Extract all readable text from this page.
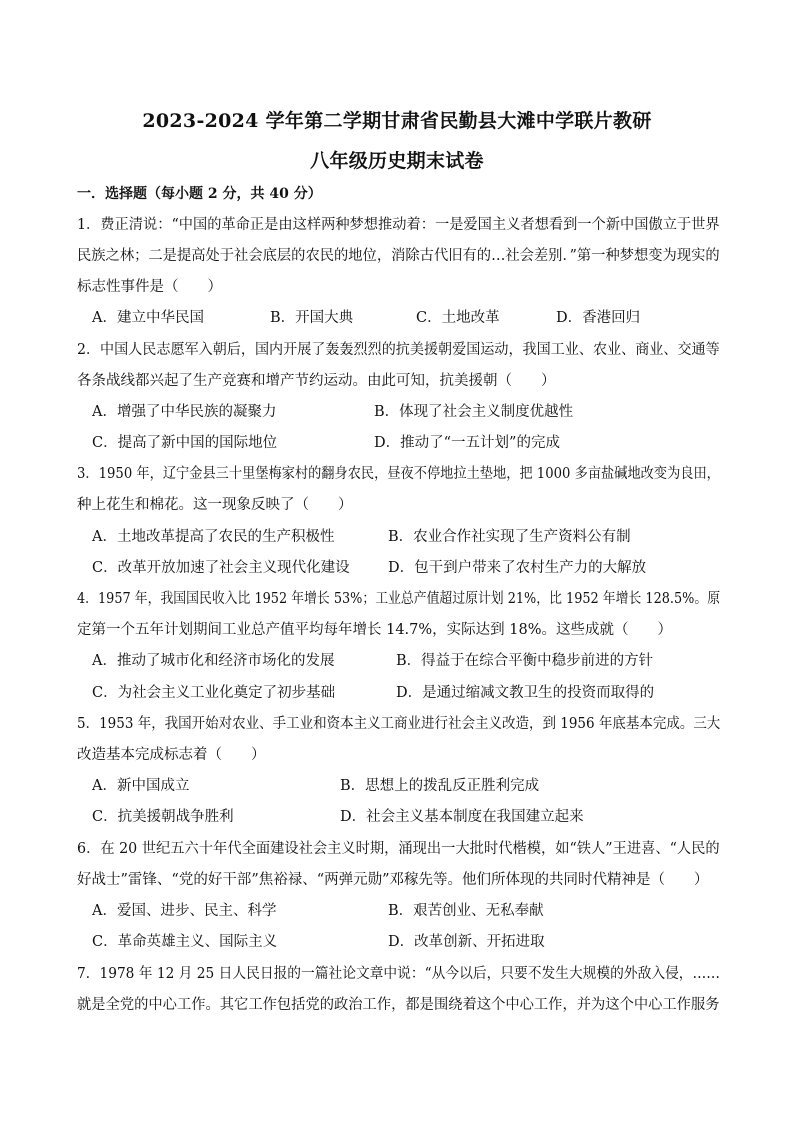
2023-2024 学年第二学期甘肃省民勤县大滩中学联片教研
八年级历史期末试卷
一．选择题（每小题 2 分，共 40 分）
1．费正清说：“中国的革命正是由这样两种梦想推动着：一是爱国主义者想看到一个新中国傲立于世界
民族之林；二是提高处于社会底层的农民的地位，消除古代旧有的…社会差别．”第一种梦想变为现实的
标志性事件是（　　）
A．建立中华民国	B．开国大典	C．土地改革	D．香港回归
2．中国人民志愿军入朝后，国内开展了轰轰烈烈的抗美援朝爱国运动，我国工业、农业、商业、交通等
各条战线都兴起了生产竞赛和增产节约运动。由此可知，抗美援朝（　　）
A．增强了中华民族的凝聚力	B．体现了社会主义制度优越性
C．提高了新中国的国际地位	D．推动了“一五计划”的完成
3．1950 年，辽宁金县三十里堡梅家村的翻身农民，昼夜不停地拉土垫地，把 1000 多亩盐碱地改变为良田，
种上花生和棉花。这一现象反映了（　　）
A．土地改革提高了农民的生产积极性	B．农业合作社实现了生产资料公有制
C．改革开放加速了社会主义现代化建设	D．包干到户带来了农村生产力的大解放
4．1957 年，我国国民收入比 1952 年增长 53%；工业总产值超过原计划 21%，比 1952 年增长 128.5%。原
定第一个五年计划期间工业总产值平均每年增长 14.7%，实际达到 18%。这些成就（　　）
A．推动了城市化和经济市场化的发展	B．得益于在综合平衡中稳步前进的方针
C．为社会主义工业化奠定了初步基础	D．是通过缩减文教卫生的投资而取得的
5．1953 年，我国开始对农业、手工业和资本主义工商业进行社会主义改造，到 1956 年底基本完成。三大
改造基本完成标志着（　　）
A．新中国成立	B．思想上的拨乱反正胜利完成
C．抗美援朝战争胜利	D．社会主义基本制度在我国建立起来
6．在 20 世纪五六十年代全面建设社会主义时期，涌现出一大批时代楷模，如“铁人”王进喜、“人民的
好战士”雷锋、“党的好干部”焦裕禄、“两弹元勋”邓稼先等。他们所体现的共同时代精神是（　　）
A．爱国、进步、民主、科学	B．艰苦创业、无私奉献
C．革命英雄主义、国际主义	D．改革创新、开拓进取
7．1978 年 12 月 25 日人民日报的一篇社论文章中说：“从今以后，只要不发生大规模的外敌入侵，……
就是全党的中心工作。其它工作包括党的政治工作，都是围绕着这个中心工作，并为这个中心工作服务
